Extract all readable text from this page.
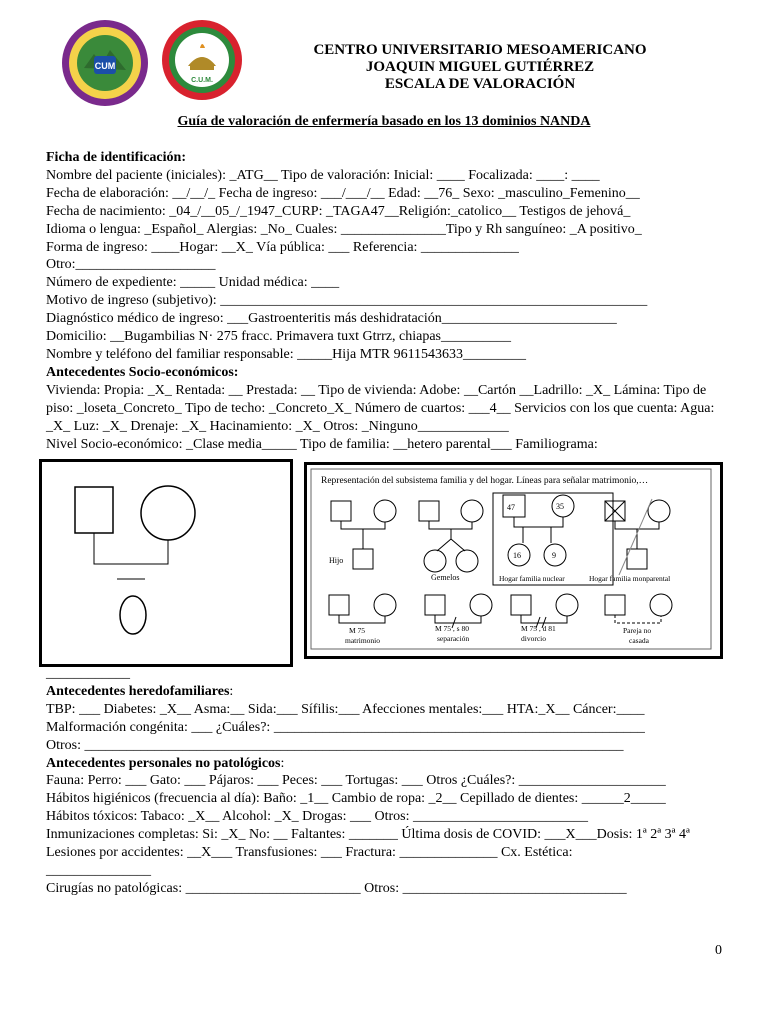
CUM
C.U.M.
CENTRO UNIVERSITARIO MESOAMERICANO
JOAQUIN MIGUEL GUTIÉRREZ
ESCALA DE VALORACIÓN
Guía de valoración de enfermería basado en los 13 dominios NANDA

Ficha de identificación:

Nombre del paciente (iniciales): _ATG__ Tipo de valoración: Inicial: ____ Focalizada: ____: ____

Fecha de elaboración: __/__/_ Fecha de ingreso: ___/___/__ Edad: __76_ Sexo: _masculino_Femenino__

Fecha de nacimiento: _04_/__05_/_1947_CURP: _TAGA47__Religión:_catolico__ Testigos de jehová_

Idioma o lengua: _Español_ Alergias: _No_ Cuales: _______________Tipo y Rh sanguíneo: _A positivo_

Forma de ingreso: ____Hogar: __X_ Vía pública: ___ Referencia: ______________

Otro:____________________

Número de expediente: _____ Unidad médica: ____

Motivo de ingreso (subjetivo): _____________________________________________________________

Diagnóstico médico de ingreso: ___Gastroenteritis más deshidratación_________________________

Domicilio: __Bugambilias N· 275 fracc. Primavera tuxt Gtrrz, chiapas__________

Nombre y teléfono del familiar responsable: _____Hija MTR 9611543633_________

Antecedentes Socio-económicos:

Vivienda: Propia: _X_ Rentada: __ Prestada: __ Tipo de vivienda: Adobe: __Cartón __Ladrillo: _X_ Lámina: Tipo de piso: _loseta_Concreto_ Tipo de techo: _Concreto_X_ Número de cuartos: ___4__ Servicios con los que cuenta: Agua: _X_ Luz: _X_ Drenaje: _X_ Hacinamiento: _X_ Otros: _Ninguno_____________

Nivel Socio-económico: _Clase media_____ Tipo de familia: __hetero parental___ Familiograma:

Representación del subsistema familia y del hogar. Líneas para señalar matrimonio,…
Hijo
Gemelos
47	35
16	9
Hogar familia nuclear	Hogar familia monparental
M 75
matrimonio
M 75 , s 80
separación
M 75 , d 81
divorcio
Pareja no
casada

____________

Antecedentes heredofamiliares:

TBP: ___ Diabetes: _X__ Asma:__ Sida:___ Sífilis:___ Afecciones mentales:___ HTA:_X__ Cáncer:____

Malformación congénita: ___ ¿Cuáles?: _____________________________________________________

Otros: _____________________________________________________________________________

Antecedentes personales no patológicos:

Fauna: Perro: ___ Gato: ___ Pájaros: ___ Peces: ___ Tortugas: ___ Otros ¿Cuáles?: _____________________

Hábitos higiénicos (frecuencia al día): Baño: _1__ Cambio de ropa: _2__ Cepillado de dientes: ______2_____

Hábitos tóxicos: Tabaco: _X__ Alcohol: _X_ Drogas: ___ Otros: _________________________

Inmunizaciones completas: Si: _X_ No: __ Faltantes: _______ Última dosis de COVID: ___X___Dosis: 1ª 2ª 3ª 4ª

Lesiones por accidentes: __X___ Transfusiones: ___ Fractura: ______________ Cx. Estética:

_______________

Cirugías no patológicas: _________________________ Otros: ________________________________

0
